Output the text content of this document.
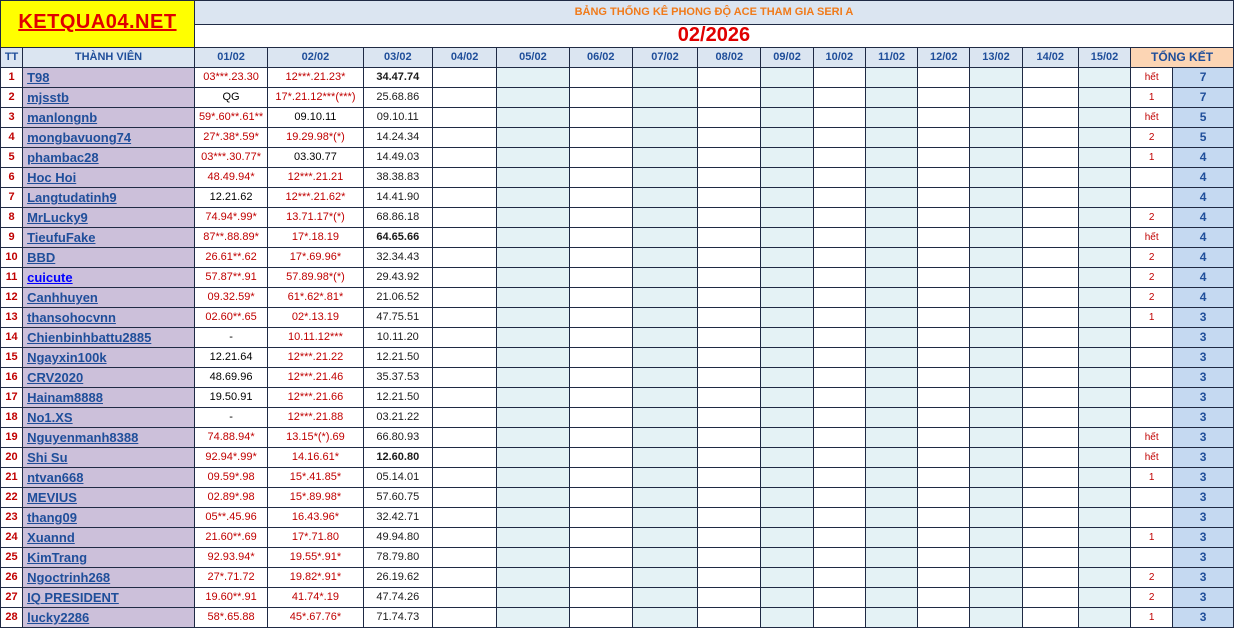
KETQUA04.NET		BẢNG THỐNG KÊ PHONG ĐỘ ACE THAM GIA SERI A																
		02/2026																
TT	THÀNH VIÊN	01/02	02/02	03/02	04/02	05/02	06/02	07/02	08/02	09/02	10/02	11/02	12/02	13/02	14/02	15/02	TỔNG KẾT	
1	T98	03***.23.30	12***.21.23*	34.47.74													hết	7
2	mjsstb	QG	17*.21.12***(***)	25.68.86													1	7
3	manlongnb	59*.60**.61**	09.10.11	09.10.11													hết	5
4	mongbavuong74	27*.38*.59*	19.29.98*(*)	14.24.34													2	5
5	phambac28	03***.30.77*	03.30.77	14.49.03													1	4
6	Hoc Hoi	48.49.94*	12***.21.21	38.38.83														4
7	Langtudatinh9	12.21.62	12***.21.62*	14.41.90														4
8	MrLucky9	74.94*.99*	13.71.17*(*)	68.86.18													2	4
9	TieufuFake	87**.88.89*	17*.18.19	64.65.66													hết	4
10	BBD	26.61**.62	17*.69.96*	32.34.43													2	4
11	cuicute	57.87**.91	57.89.98*(*)	29.43.92													2	4
12	Canhhuyen	09.32.59*	61*.62*.81*	21.06.52													2	4
13	thansohocvnn	02.60**.65	02*.13.19	47.75.51													1	3
14	Chienbinhbattu2885	-	10.11.12***	10.11.20														3
15	Ngayxin100k	12.21.64	12***.21.22	12.21.50														3
16	CRV2020	48.69.96	12***.21.46	35.37.53														3
17	Hainam8888	19.50.91	12***.21.66	12.21.50														3
18	No1.XS	-	12***.21.88	03.21.22														3
19	Nguyenmanh8388	74.88.94*	13.15*(*).69	66.80.93													hết	3
20	Shi Su	92.94*.99*	14.16.61*	12.60.80													hết	3
21	ntvan668	09.59*.98	15*.41.85*	05.14.01													1	3
22	MEVIUS	02.89*.98	15*.89.98*	57.60.75														3
23	thang09	05**.45.96	16.43.96*	32.42.71														3
24	Xuannd	21.60**.69	17*.71.80	49.94.80													1	3
25	KimTrang	92.93.94*	19.55*.91*	78.79.80														3
26	Ngoctrinh268	27*.71.72	19.82*.91*	26.19.62													2	3
27	IQ PRESIDENT	19.60**.91	41.74*.19	47.74.26													2	3
28	lucky2286	58*.65.88	45*.67.76*	71.74.73													1	3
